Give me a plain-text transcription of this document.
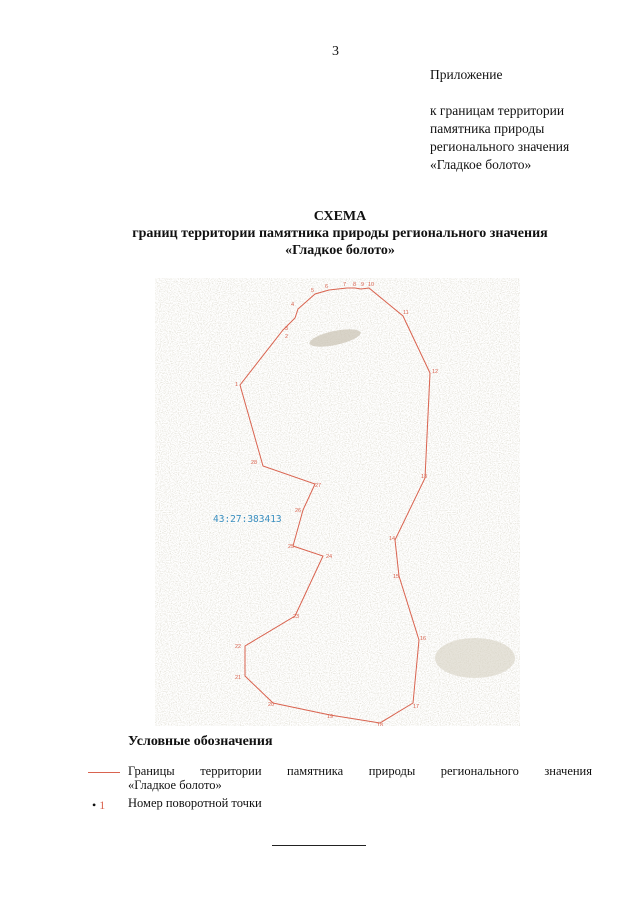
3
Приложение
к границам территории
памятника природы
регионального значения
«Гладкое болото»
СХЕМА
границ территории памятника природы регионального значения
«Гладкое болото»
1
2
3
4
5
6	7 8 9 10
11
12
13
14
15
16
17
18
19
20
21
22
23
24
25
26
27
28
43:27:383413
Условные обозначения
Границы территории памятника природы регионального значения
«Гладкое болото»
• 1 Номер поворотной точки
